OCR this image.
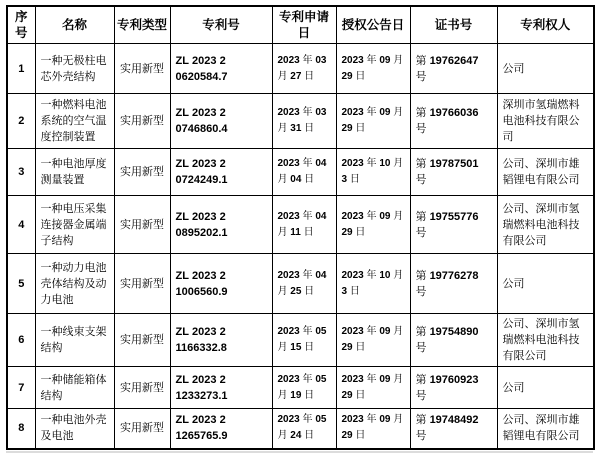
序号	名称	专利类型	专利号	专利申请日	授权公告日	证书号	专利权人
1	一种无极柱电芯外壳结构	实用新型	ZL 2023 2 0620584.7	2023 年 03 月 27 日	2023 年 09 月 29 日	第 19762647 号	公司
2	一种燃料电池系统的空气温度控制装置	实用新型	ZL 2023 2 0746860.4	2023 年 03 月 31 日	2023 年 09 月 29 日	第 19766036 号	深圳市氢瑞燃料电池科技有限公司
3	一种电池厚度测量装置	实用新型	ZL 2023 2 0724249.1	2023 年 04 月 04 日	2023 年 10 月 3 日	第 19787501 号	公司、深圳市雄韬锂电有限公司
4	一种电压采集连接器金属端子结构	实用新型	ZL 2023 2 0895202.1	2023 年 04 月 11 日	2023 年 09 月 29 日	第 19755776 号	公司、深圳市氢瑞燃料电池科技有限公司
5	一种动力电池壳体结构及动力电池	实用新型	ZL 2023 2 1006560.9	2023 年 04 月 25 日	2023 年 10 月 3 日	第 19776278 号	公司
6	一种线束支架结构	实用新型	ZL 2023 2 1166332.8	2023 年 05 月 15 日	2023 年 09 月 29 日	第 19754890 号	公司、深圳市氢瑞燃料电池科技有限公司
7	一种储能箱体结构	实用新型	ZL 2023 2 1233273.1	2023 年 05 月 19 日	2023 年 09 月 29 日	第 19760923 号	公司
8	一种电池外壳及电池	实用新型	ZL 2023 2 1265765.9	2023 年 05 月 24 日	2023 年 09 月 29 日	第 19748492 号	公司、深圳市雄韬锂电有限公司
